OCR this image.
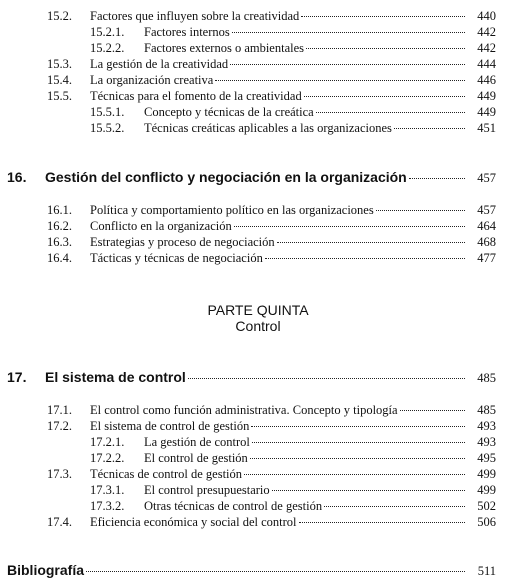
15.2.	Factores que influyen sobre la creatividad	440
15.2.1.	Factores internos	442
15.2.2.	Factores externos o ambientales	442
15.3.	La gestión de la creatividad	444
15.4.	La organización creativa	446
15.5.	Técnicas para el fomento de la creatividad	449
15.5.1.	Concepto y técnicas de la creática	449
15.5.2.	Técnicas creáticas aplicables a las organizaciones	451
16.	Gestión del conflicto y negociación en la organización	457
16.1.	Política y comportamiento político en las organizaciones	457
16.2.	Conflicto en la organización	464
16.3.	Estrategias y proceso de negociación	468
16.4.	Tácticas y técnicas de negociación	477
PARTE QUINTA
Control
17.	El sistema de control	485
17.1.	El control como función administrativa. Concepto y tipología	485
17.2.	El sistema de control de gestión	493
17.2.1.	La gestión de control	493
17.2.2.	El control de gestión	495
17.3.	Técnicas de control de gestión	499
17.3.1.	El control presupuestario	499
17.3.2.	Otras técnicas de control de gestión	502
17.4.	Eficiencia económica y social del control	506
Bibliografía	511
